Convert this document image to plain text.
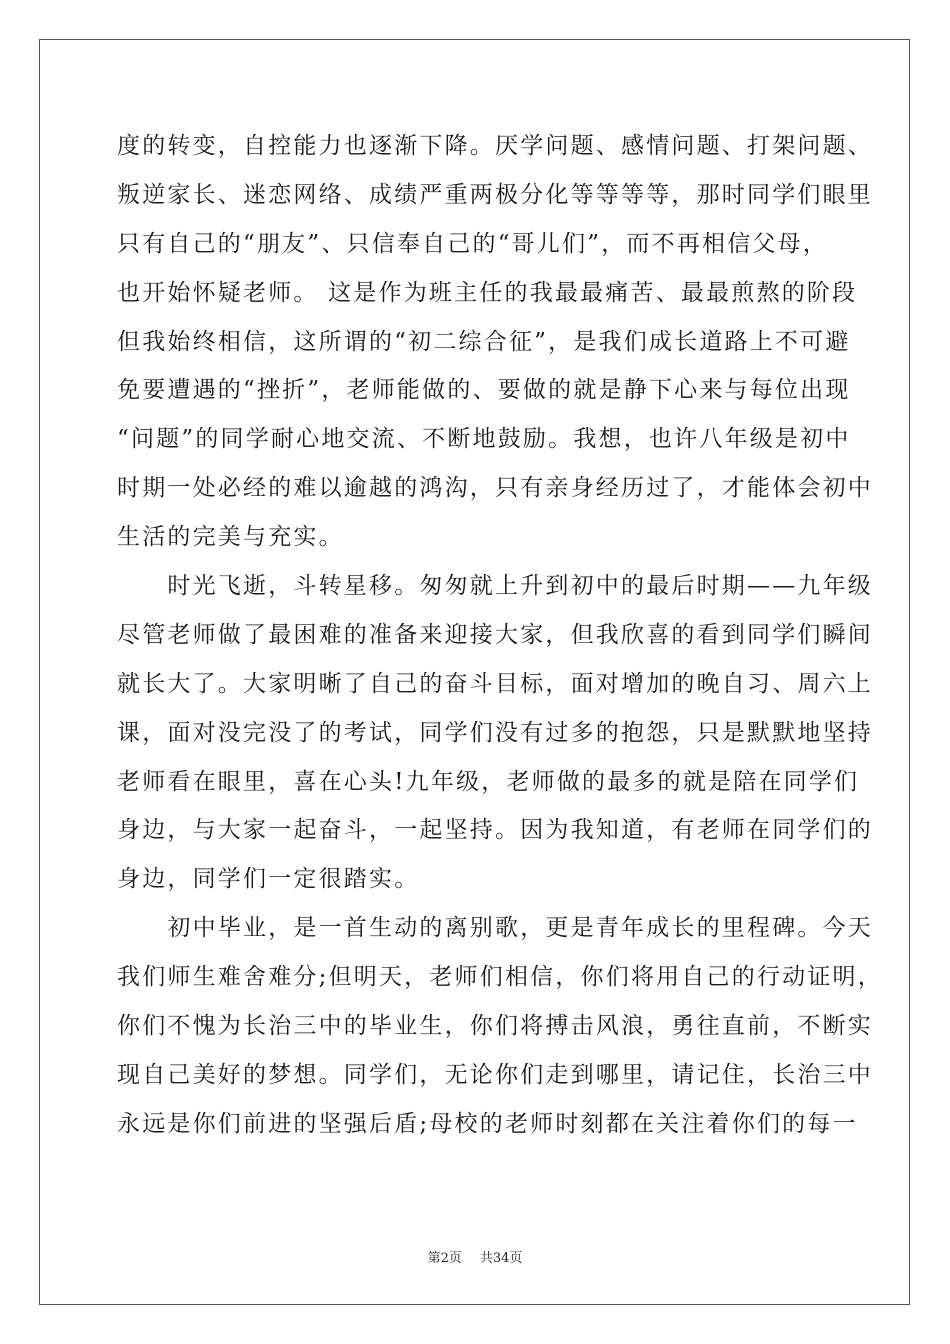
度的转变，自控能力也逐渐下降。厌学问题、感情问题、打架问题、
叛逆家长、迷恋网络、成绩严重两极分化等等等等，那时同学们眼里
只有自己的“朋友”、只信奉自己的“哥儿们”，而不再相信父母，
也开始怀疑老师。 这是作为班主任的我最最痛苦、最最煎熬的阶段
但我始终相信，这所谓的“初二综合征”，是我们成长道路上不可避
免要遭遇的“挫折”，老师能做的、要做的就是静下心来与每位出现
“问题”的同学耐心地交流、不断地鼓励。我想，也许八年级是初中
时期一处必经的难以逾越的鸿沟，只有亲身经历过了，才能体会初中
生活的完美与充实。
　　时光飞逝，斗转星移。匆匆就上升到初中的最后时期——九年级
尽管老师做了最困难的准备来迎接大家，但我欣喜的看到同学们瞬间
就长大了。大家明晰了自己的奋斗目标，面对增加的晚自习、周六上
课，面对没完没了的考试，同学们没有过多的抱怨，只是默默地坚持
老师看在眼里，喜在心头!九年级，老师做的最多的就是陪在同学们
身边，与大家一起奋斗，一起坚持。因为我知道，有老师在同学们的
身边，同学们一定很踏实。
　　初中毕业，是一首生动的离别歌，更是青年成长的里程碑。今天
我们师生难舍难分;但明天，老师们相信，你们将用自己的行动证明，
你们不愧为长治三中的毕业生，你们将搏击风浪，勇往直前，不断实
现自己美好的梦想。同学们，无论你们走到哪里，请记住，长治三中
永远是你们前进的坚强后盾;母校的老师时刻都在关注着你们的每一
第2页 共34页
